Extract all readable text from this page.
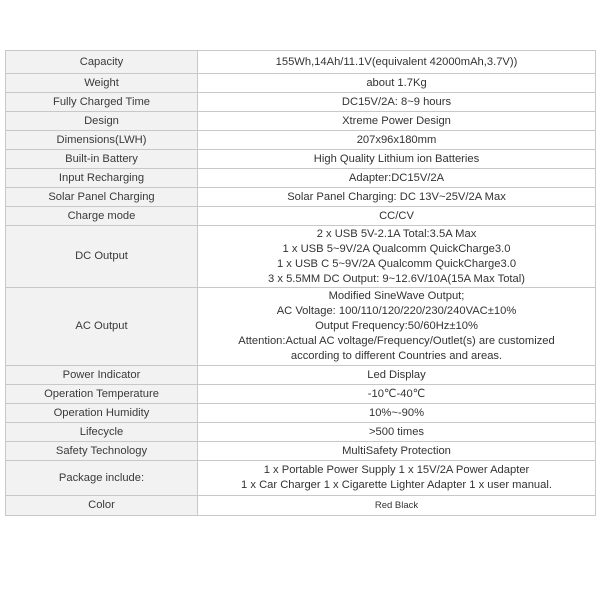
Capacity	155Wh,14Ah/11.1V(equivalent 42000mAh,3.7V))

Weight	about 1.7Kg

Fully Charged Time	DC15V/2A: 8~9 hours

Design	Xtreme Power Design

Dimensions(LWH)	207x96x180mm

Built-in Battery	High Quality Lithium ion Batteries

Input Recharging	Adapter:DC15V/2A

Solar Panel Charging	Solar Panel Charging: DC 13V~25V/2A Max

Charge mode	CC/CV

DC Output	2 x USB 5V-2.1A Total:3.5A Max
1 x USB 5~9V/2A Qualcomm QuickCharge3.0
1 x USB C 5~9V/2A Qualcomm QuickCharge3.0
3 x 5.5MM DC Output: 9~12.6V/10A(15A Max Total)

AC Output	Modified SineWave Output;
AC Voltage: 100/110/120/220/230/240VAC±10%
Output Frequency:50/60Hz±10%
Attention:Actual AC voltage/Frequency/Outlet(s) are customized
according to different Countries and areas.

Power Indicator	Led Display

Operation Temperature	-10℃-40℃

Operation Humidity	10%~-90%

Lifecycle	>500 times

Safety Technology	MultiSafety Protection

Package include:	1 x Portable Power Supply 1 x 15V/2A Power Adapter
1 x Car Charger 1 x Cigarette Lighter Adapter 1 x user manual.

Color	Red Black
